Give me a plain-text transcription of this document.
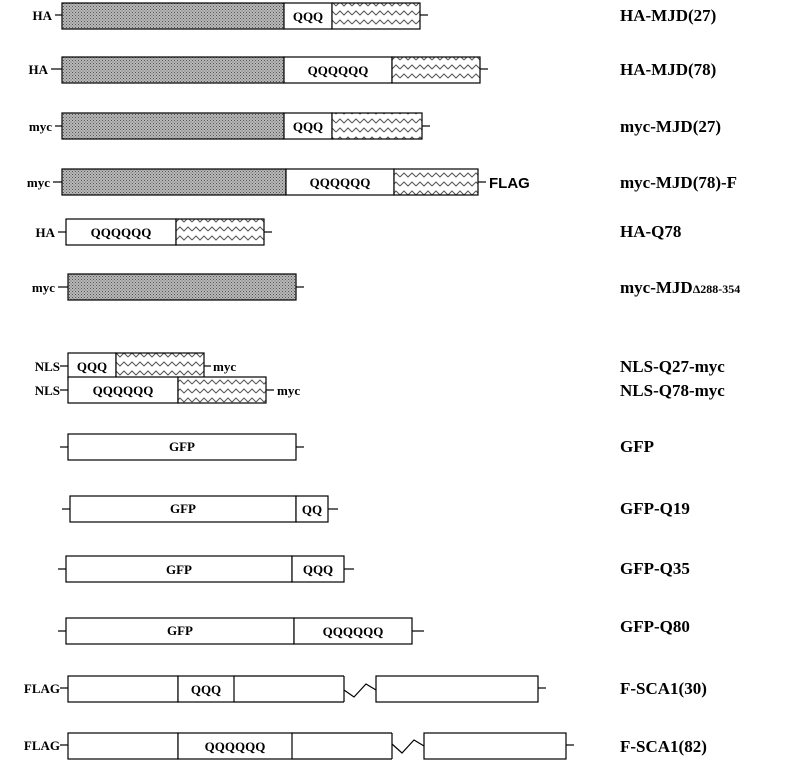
HA	QQQ	HA-MJD(27)
HA	QQQQQQ	HA-MJD(78)
myc	QQQ	myc-MJD(27)
myc	QQQQQQ	FLAG	myc-MJD(78)-F
HA	QQQQQQ	HA-Q78
myc	myc-MJDΔ288-354
NLS QQQ	myc	NLS-Q27-myc
NLS	QQQQQQ	myc	NLS-Q78-myc
GFP	GFP
GFP	QQ	GFP-Q19
GFP	QQQ	GFP-Q35
GFP	QQQQQQ	GFP-Q80
FLAG	QQQ	F-SCA1(30)
FLAG	QQQQQQ	F-SCA1(82)
